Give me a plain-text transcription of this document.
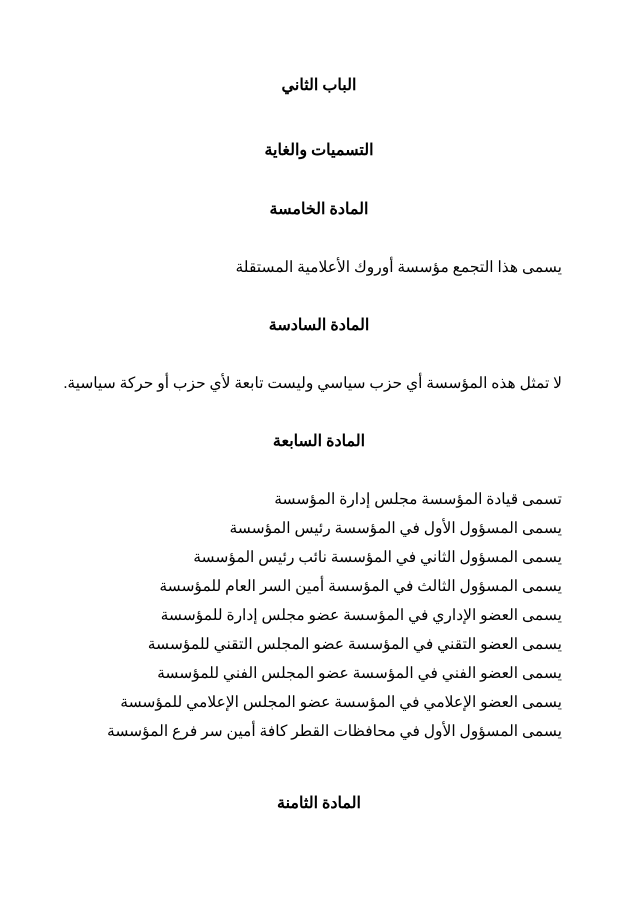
الباب الثاني
التسميات والغاية
المادة الخامسة
يسمى هذا التجمع مؤسسة أوروك الأعلامية المستقلة
المادة السادسة
لا تمثل هذه المؤسسة أي حزب سياسي وليست تابعة لأي حزب أو حركة سياسية.
المادة السابعة
تسمى قيادة المؤسسة مجلس إدارة المؤسسة
يسمى المسؤول الأول في المؤسسة رئيس المؤسسة
يسمى المسؤول الثاني في المؤسسة نائب رئيس المؤسسة
يسمى المسؤول الثالث في المؤسسة أمين السر العام للمؤسسة
يسمى العضو الإداري في المؤسسة عضو مجلس إدارة للمؤسسة
يسمى العضو التقني في المؤسسة عضو المجلس التقني للمؤسسة
يسمى العضو الفني في المؤسسة عضو المجلس الفني للمؤسسة
يسمى العضو الإعلامي في المؤسسة عضو المجلس الإعلامي للمؤسسة
يسمى المسؤول الأول في محافظات القطر كافة أمين سر فرع المؤسسة
المادة الثامنة
